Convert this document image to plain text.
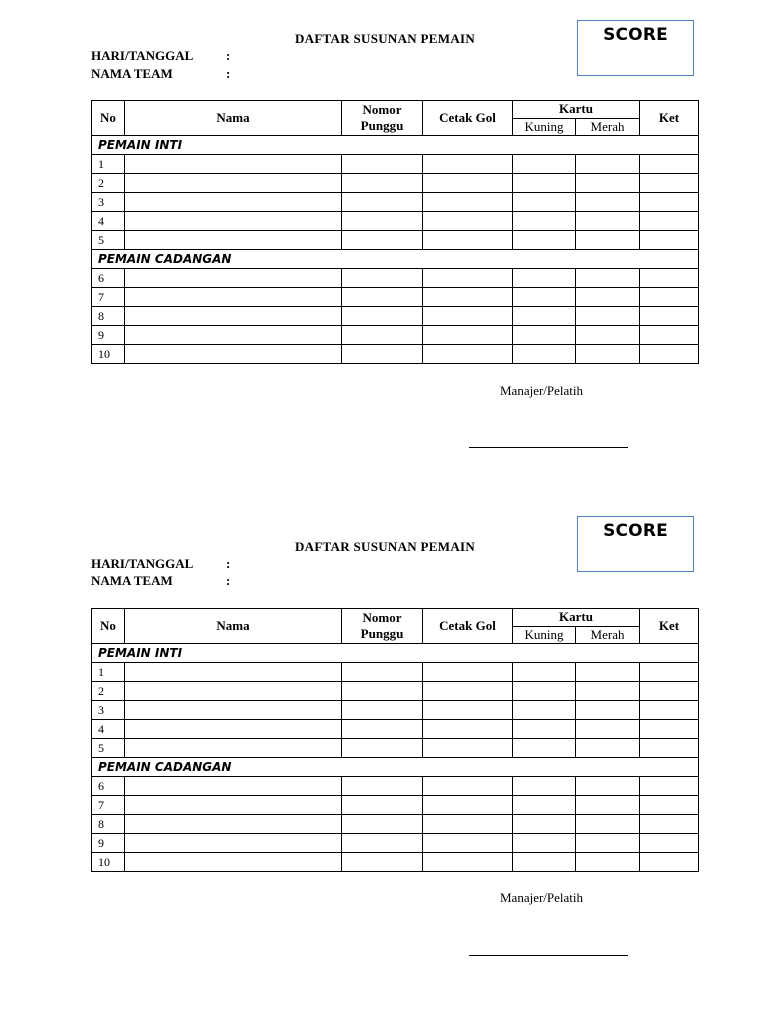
SCORE
DAFTAR SUSUNAN PEMAIN
HARI/TANGGAL	:
NAMA TEAM	:
No	Nama	Nomor Punggu	Cetak Gol	Kartu		Ket
				Kuning	Merah	
PEMAIN INTI						
1						
2						
3						
4						
5						
PEMAIN CADANGAN						
6						
7						
8						
9						
10						
Manajer/Pelatih
SCORE
DAFTAR SUSUNAN PEMAIN
HARI/TANGGAL	:
NAMA TEAM	:
No	Nama	Nomor Punggu	Cetak Gol	Kartu		Ket
				Kuning	Merah	
PEMAIN INTI						
1						
2						
3						
4						
5						
PEMAIN CADANGAN						
6						
7						
8						
9						
10						
Manajer/Pelatih
